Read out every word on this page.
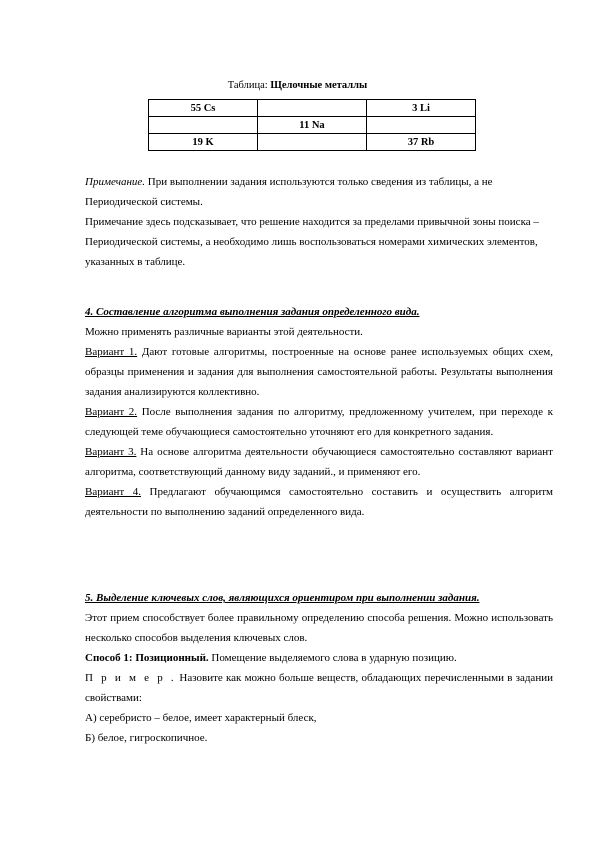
Таблица: Щелочные металлы
55 Cs		3 Li
	11 Na	
19 K		37 Rb

Примечание. При выполнении задания используются только сведения из таблицы, а не Периодической системы.

Примечание здесь подсказывает, что решение находится за пределами привычной зоны поиска – Периодической системы, а необходимо лишь воспользоваться номерами химических элементов, указанных в таблице.

4. Составление алгоритма выполнения задания определенного вида.

Можно применять различные варианты этой деятельности.

Вариант 1. Дают готовые алгоритмы, построенные на основе ранее используемых общих схем, образцы применения и задания для выполнения самостоятельной работы. Результаты выполнения задания анализируются коллективно.

Вариант 2. После выполнения задания по алгоритму, предложенному учителем, при переходе к следующей теме обучающиеся самостоятельно уточняют его для конкретного задания.

Вариант 3. На основе алгоритма деятельности обучающиеся самостоятельно составляют вариант алгоритма, соответствующий данному виду заданий., и применяют его.

Вариант 4. Предлагают обучающимся самостоятельно составить и осуществить алгоритм деятельности по выполнению заданий определенного вида.

5. Выделение ключевых слов, являющихся ориентиром при выполнении задания.

Этот прием способствует более правильному определению способа решения. Можно использовать несколько способов выделения ключевых слов.

Способ 1: Позиционный. Помещение выделяемого слова в ударную позицию.

П р и м е р . Назовите как можно больше веществ, обладающих перечисленными в задании свойствами:

А) серебристо – белое, имеет характерный блеск,

Б) белое, гигроскопичное.
